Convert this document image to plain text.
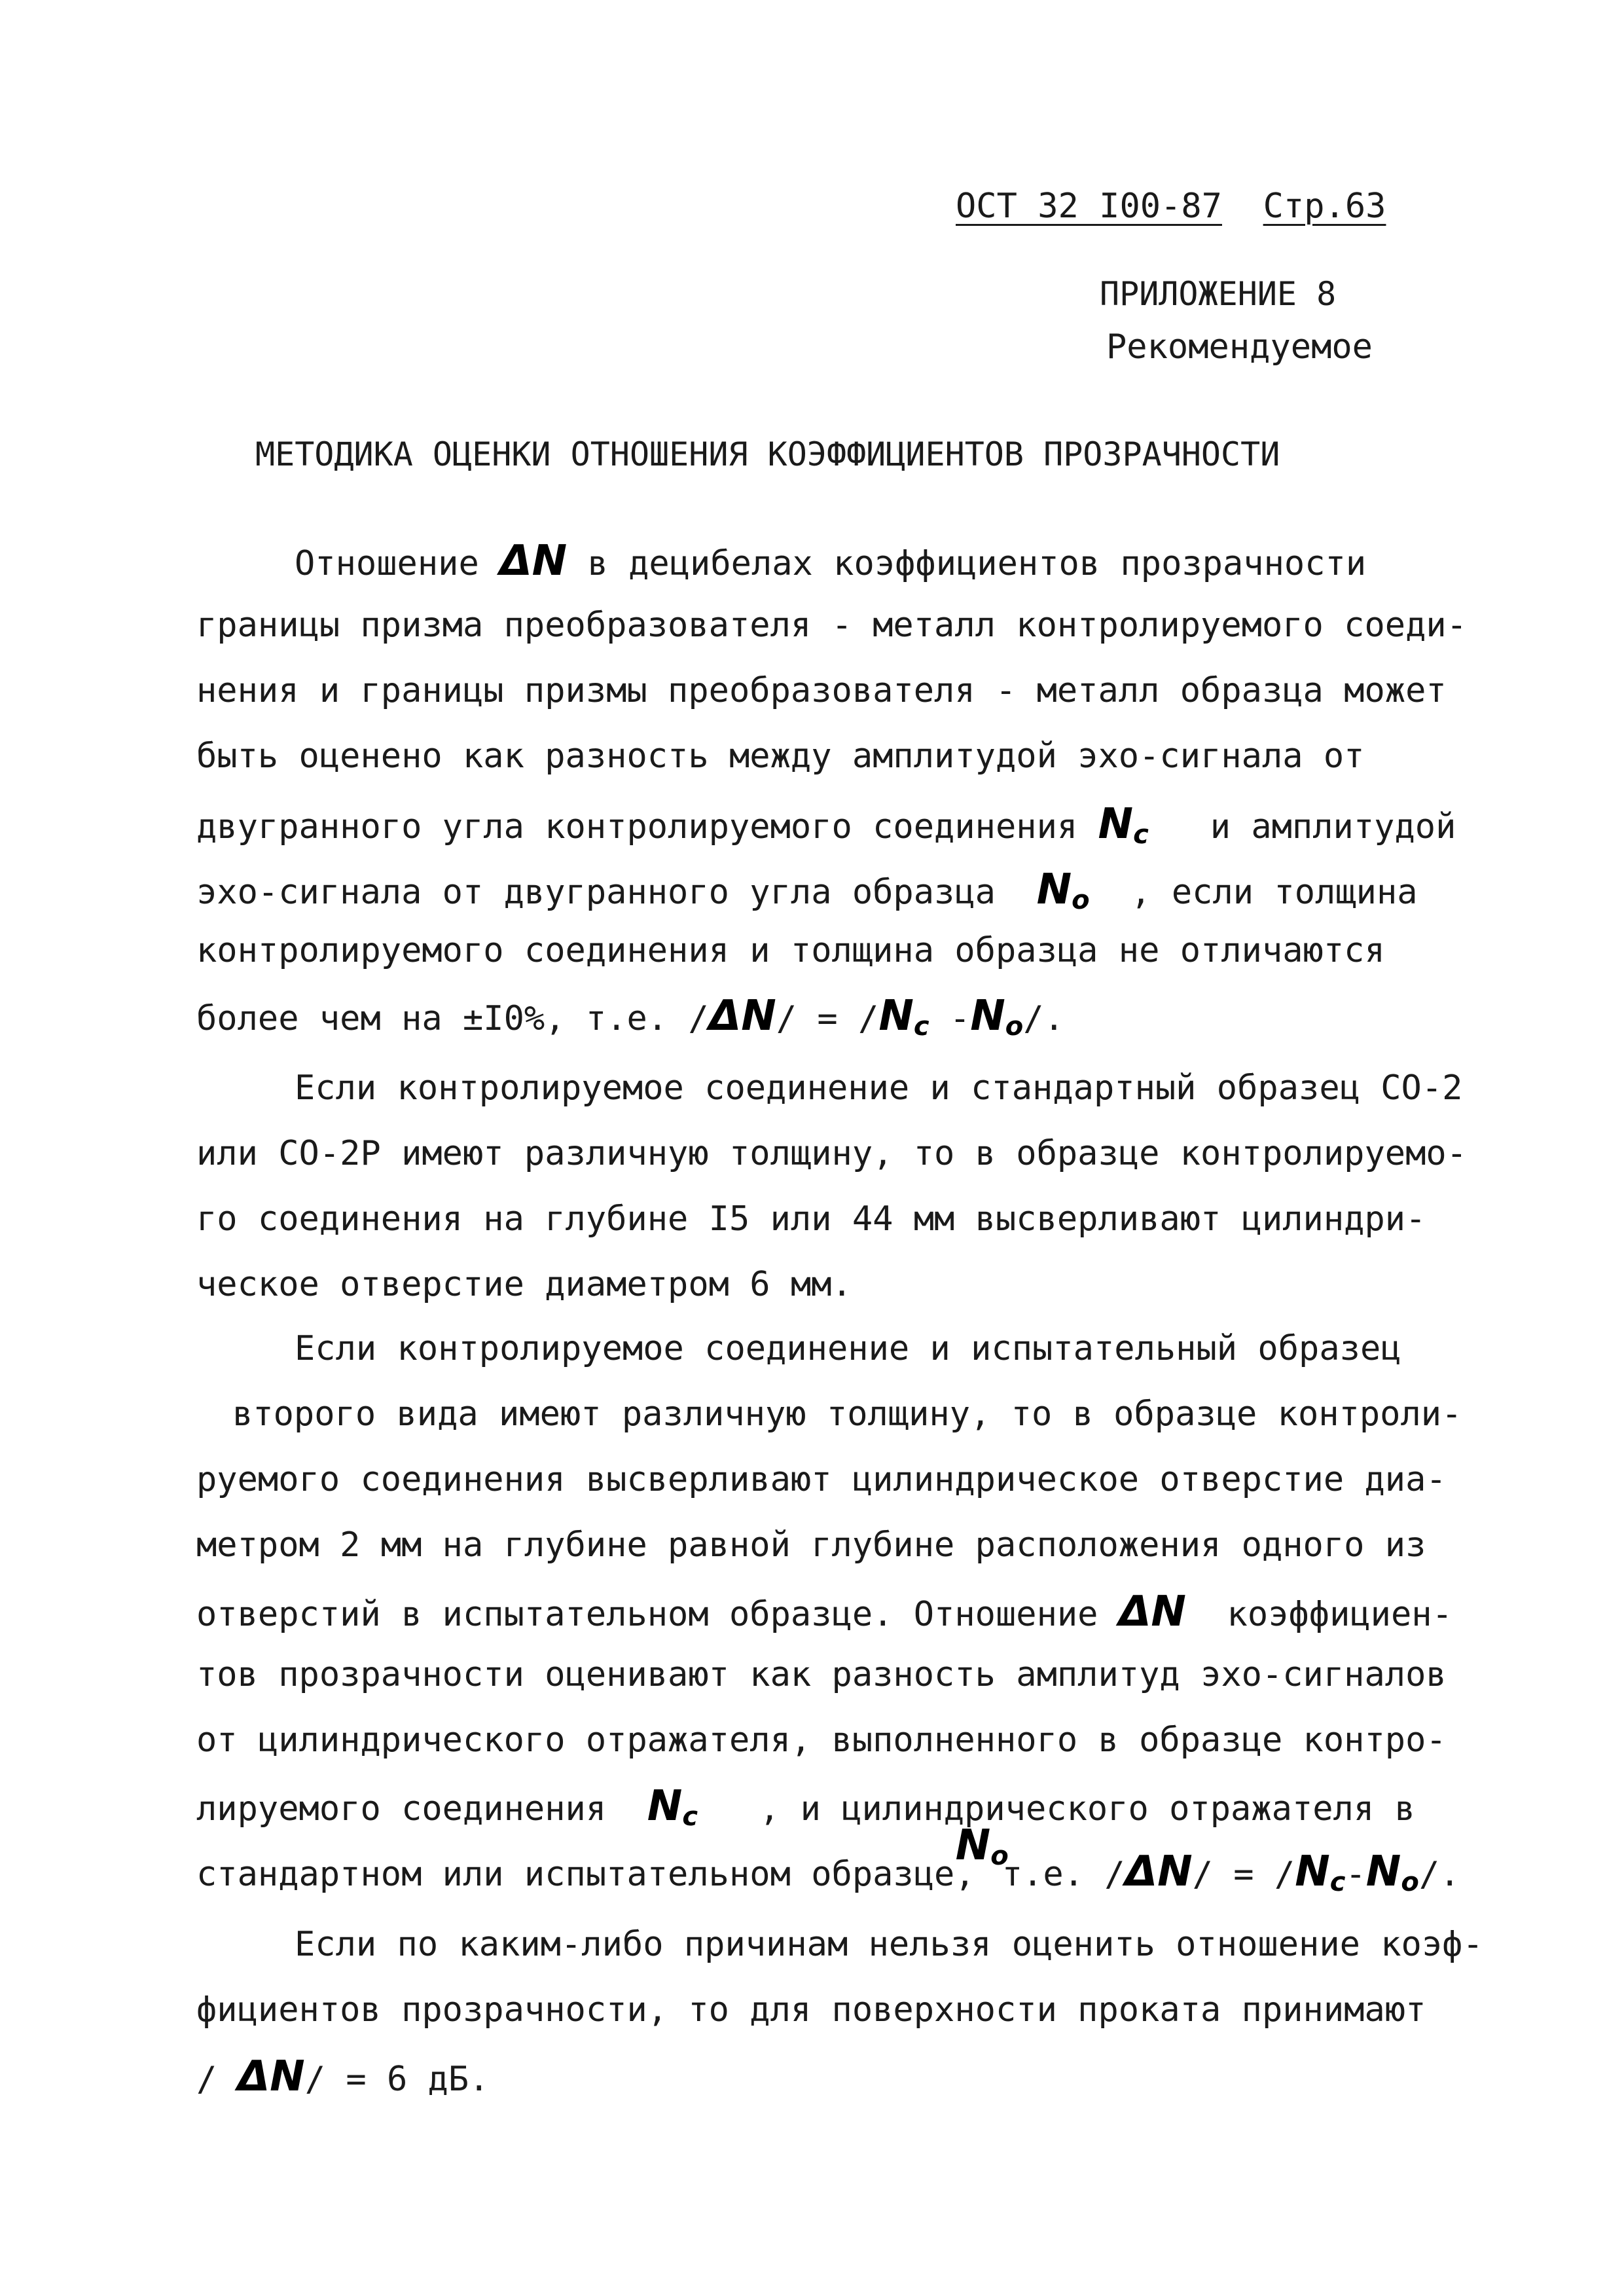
ОСТ 32 I00-87 Стр.63
ПРИЛОЖЕНИЕ 8
Рекомендуемое
МЕТОДИКА ОЦЕНКИ ОТНОШЕНИЯ КОЭФФИЦИЕНТОВ ПРОЗРАЧНОСТИ
Отношение ΔN в децибелах коэффициентов прозрачности
границы призма преобразователя - металл контролируемого соеди-
нения и границы призмы преобразователя - металл образца может
быть оценено как разность между амплитудой эхо-сигнала от
двугранного угла контролируемого соединения $N_c$ и амплитудой
эхо-сигнала от двугранного угла образца $N_o$ , если толщина
контролируемого соединения и толщина образца не отличаются
более чем на ±I0%, т.е. $/\Delta N/ = /N_c$ $-N_o/$.
Если контролируемое соединение и стандартный образец СО-2
или СО-2Р имеют различную толщину, то в образце контролируемо-
го соединения на глубине I5 или 44 мм высверливают цилиндри-
ческое отверстие диаметром 6 мм.
Если контролируемое соединение и испытательный образец
второго вида имеют различную толщину, то в образце контроли-
руемого соединения высверливают цилиндрическое отверстие диа-
метром 2 мм на глубине равной глубине расположения одного из
отверстий в испытательном образце. Отношение ΔN коэффициен-
тов прозрачности оценивают как разность амплитуд эхо-сигналов
от цилиндрического отражателя, выполненного в образце контро-
лируемого соединения $N_c$ , и цилиндрического отражателя в
стандартном или испытательном $образце,N_oт.е$. $/\Delta N/ = /N_c-N_o/$.
Если по каким-либо причинам нельзя оценить отношение коэф-
фициентов прозрачности, то для поверхности проката принимают
/ ΔN/ = 6 дБ.
